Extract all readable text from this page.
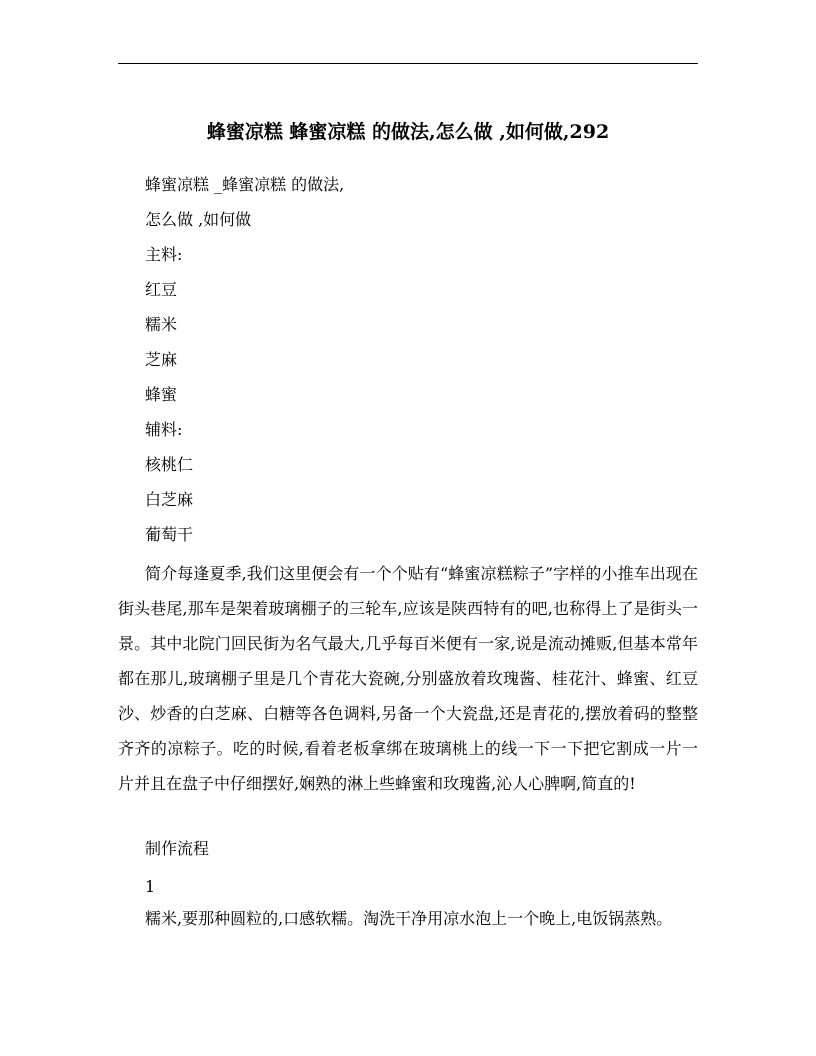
蜂蜜凉糕 蜂蜜凉糕 的做法,怎么做 ,如何做,292
蜂蜜凉糕 _蜂蜜凉糕 的做法,
怎么做 ,如何做
主料:
红豆
糯米
芝麻
蜂蜜
辅料:
核桃仁
白芝麻
葡萄干
简介每逢夏季,我们这里便会有一个个贴有“蜂蜜凉糕粽子”字样的小推车出现在街头巷尾,那车是架着玻璃棚子的三轮车,应该是陕西特有的吧,也称得上了是街头一景。其中北院门回民街为名气最大,几乎每百米便有一家,说是流动摊贩,但基本常年都在那儿,玻璃棚子里是几个青花大瓷碗,分别盛放着玫瑰酱、桂花汁、蜂蜜、红豆沙、炒香的白芝麻、白糖等各色调料,另备一个大瓷盘,还是青花的,摆放着码的整整齐齐的凉粽子。吃的时候,看着老板拿绑在玻璃桃上的线一下一下把它割成一片一片并且在盘子中仔细摆好,娴熟的淋上些蜂蜜和玫瑰酱,沁人心脾啊,简直的!
制作流程
1
糯米,要那种圆粒的,口感软糯。淘洗干净用凉水泡上一个晚上,电饭锅蒸熟。
